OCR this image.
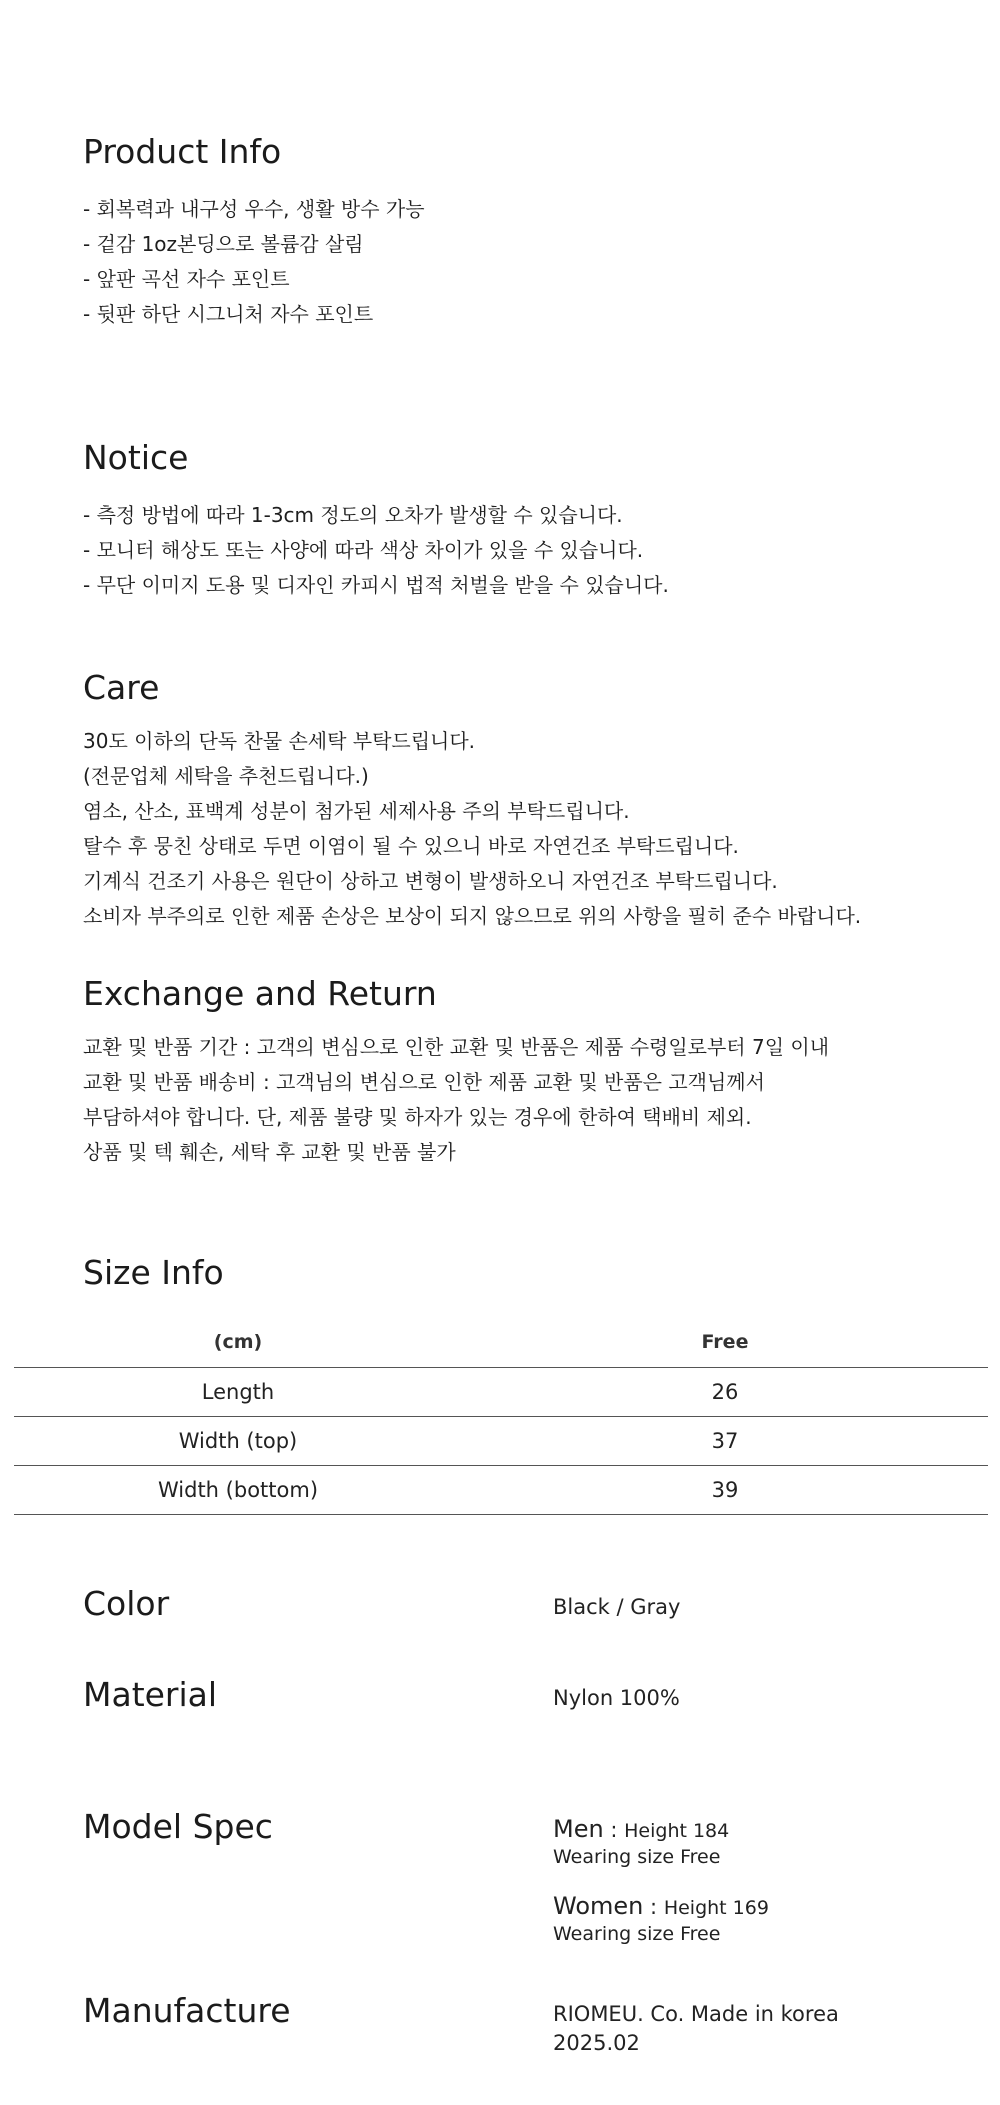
Product Info
- 회복력과 내구성 우수, 생활 방수 가능
- 겉감 1oz본딩으로 볼륨감 살림
- 앞판 곡선 자수 포인트
- 뒷판 하단 시그니처 자수 포인트
Notice
- 측정 방법에 따라 1-3cm 정도의 오차가 발생할 수 있습니다.
- 모니터 해상도 또는 사양에 따라 색상 차이가 있을 수 있습니다.
- 무단 이미지 도용 및 디자인 카피시 법적 처벌을 받을 수 있습니다.
Care
30도 이하의 단독 찬물 손세탁 부탁드립니다.
(전문업체 세탁을 추천드립니다.)
염소, 산소, 표백계 성분이 첨가된 세제사용 주의 부탁드립니다.
탈수 후 뭉친 상태로 두면 이염이 될 수 있으니 바로 자연건조 부탁드립니다.
기계식 건조기 사용은 원단이 상하고 변형이 발생하오니 자연건조 부탁드립니다.
소비자 부주의로 인한 제품 손상은 보상이 되지 않으므로 위의 사항을 필히 준수 바랍니다.
Exchange and Return
교환 및 반품 기간 : 고객의 변심으로 인한 교환 및 반품은 제품 수령일로부터 7일 이내
교환 및 반품 배송비 : 고객님의 변심으로 인한 제품 교환 및 반품은 고객님께서
부담하셔야 합니다. 단, 제품 불량 및 하자가 있는 경우에 한하여 택배비 제외.
상품 및 텍 훼손, 세탁 후 교환 및 반품 불가
Size Info
(cm)	Free
Length	26
Width (top)	37
Width (bottom)	39
Color	Black / Gray
Material	Nylon 100%
Model Spec	Men : Height 184
Wearing size Free
Women : Height 169
Wearing size Free
Manufacture	RIOMEU. Co. Made in korea
2025.02
